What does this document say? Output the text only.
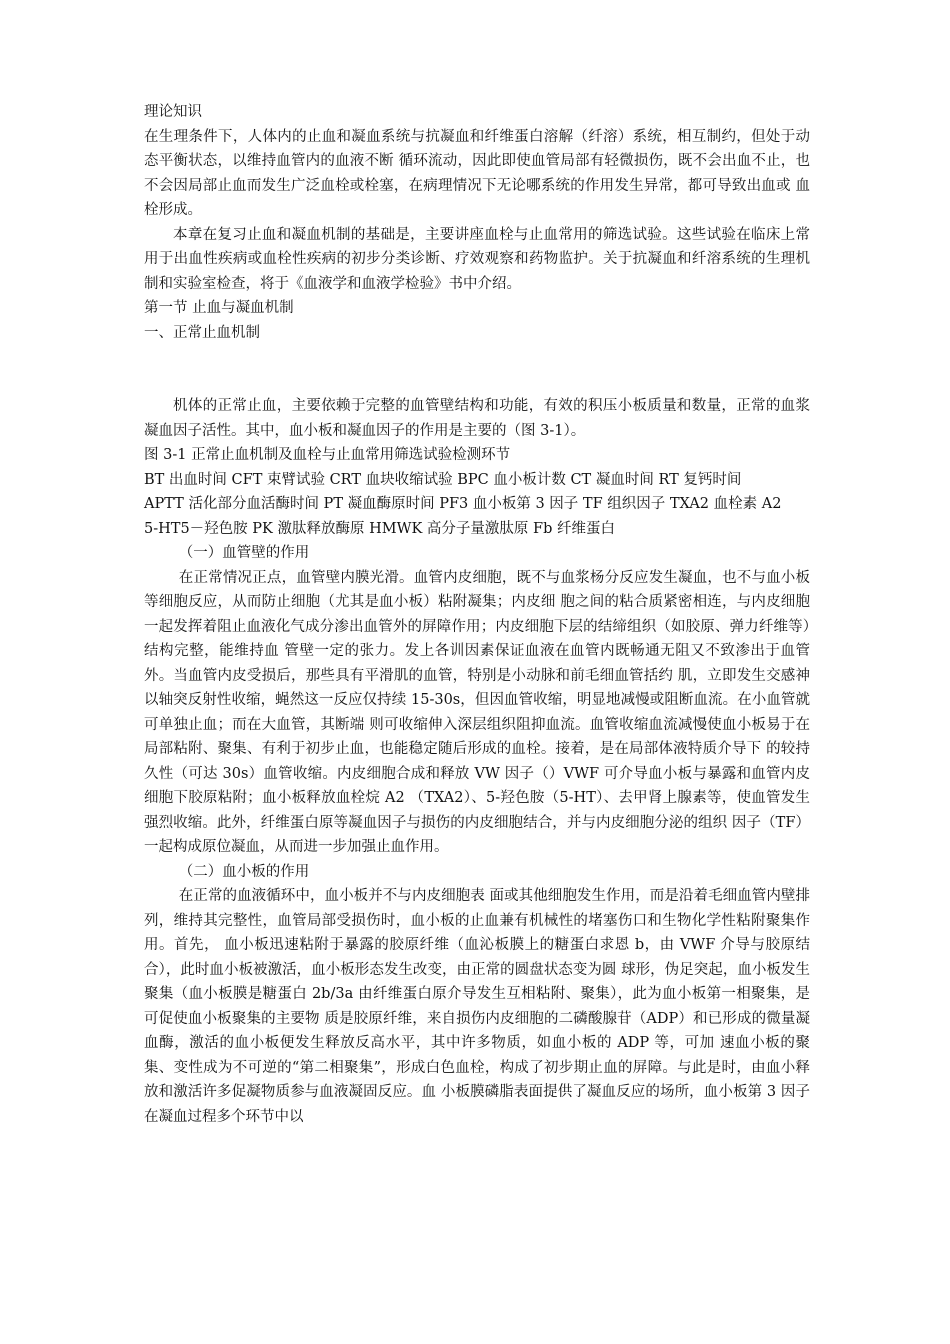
理论知识

在生理条件下，人体内的止血和凝血系统与抗凝血和纤维蛋白溶解（纤溶）系统，相互制约，但处于动态平衡状态，以维持血管内的血液不断 循环流动，因此即使血管局部有轻微损伤，既不会出血不止，也不会因局部止血而发生广泛血栓或栓塞，在病理情况下无论哪系统的作用发生异常，都可导致出血或 血栓形成。

本章在复习止血和凝血机制的基础是，主要讲座血栓与止血常用的筛选试验。这些试验在临床上常用于出血性疾病或血栓性疾病的初步分类诊断、疗效观察和药物监护。关于抗凝血和纤溶系统的生理机制和实验室检查，将于《血液学和血液学检验》书中介绍。

第一节 止血与凝血机制

一、正常止血机制

机体的正常止血，主要依赖于完整的血管壁结构和功能，有效的积压小板质量和数量，正常的血浆凝血因子活性。其中，血小板和凝血因子的作用是主要的（图 3-1）。

图 3-1 正常止血机制及血栓与止血常用筛选试验检测环节

BT 出血时间 CFT 束臂试验 CRT 血块收缩试验 BPC 血小板计数 CT 凝血时间 RT 复钙时间

APTT 活化部分血活酶时间 PT 凝血酶原时间 PF3 血小板第 3 因子 TF 组织因子 TXA2 血栓素 A2

5-HT5－羟色胺 PK 激肽释放酶原 HMWK 高分子量激肽原 Fb 纤维蛋白

（一）血管壁的作用

在正常情况正点，血管壁内膜光滑。血管内皮细胞，既不与血浆杨分反应发生凝血，也不与血小板等细胞反应，从而防止细胞（尤其是血小板）粘附凝集；内皮细 胞之间的粘合质紧密相连，与内皮细胞一起发挥着阻止血液化气成分渗出血管外的屏障作用；内皮细胞下层的结缔组织（如胶原、弹力纤维等）结构完整，能维持血 管壁一定的张力。发上各训因素保证血液在血管内既畅通无阻又不致渗出于血管外。当血管内皮受损后，那些具有平滑肌的血管，特别是小动脉和前毛细血管括约 肌，立即发生交感神以轴突反射性收缩，蝇然这一反应仅持续 15-30s，但因血管收缩，明显地减慢或阻断血流。在小血管就可单独止血；而在大血管，其断端 则可收缩伸入深层组织阻抑血流。血管收缩血流减慢使血小板易于在局部粘附、聚集、有利于初步止血，也能稳定随后形成的血栓。接着，是在局部体液特质介导下 的较持久性（可达 30s）血管收缩。内皮细胞合成和释放 VW 因子（）VWF 可介导血小板与暴露和血管内皮细胞下胶原粘附；血小板释放血栓烷 A2 （TXA2）、5-羟色胺（5-HT）、去甲肾上腺素等，使血管发生强烈收缩。此外，纤维蛋白原等凝血因子与损伤的内皮细胞结合，并与内皮细胞分泌的组织 因子（TF）一起构成原位凝血，从而进一步加强止血作用。

（二）血小板的作用

在正常的血液循环中，血小板并不与内皮细胞表 面或其他细胞发生作用，而是沿着毛细血管内壁排列，维持其完整性，血管局部受损伤时，血小板的止血兼有机械性的堵塞伤口和生物化学性粘附聚集作用。首先， 血小板迅速粘附于暴露的胶原纤维（血沁板膜上的糖蛋白求恩 b，由 VWF 介导与胶原结合），此时血小板被激活，血小板形态发生改变，由正常的圆盘状态变为圆 球形，伪足突起，血小板发生聚集（血小板膜是糖蛋白 2b/3a 由纤维蛋白原介导发生互相粘附、聚集），此为血小板第一相聚集，是可促使血小板聚集的主要物 质是胶原纤维，来自损伤内皮细胞的二磷酸腺苷（ADP）和已形成的微量凝血酶，激活的血小板便发生释放反高水平，其中许多物质，如血小板的 ADP 等，可加 速血小板的聚集、变性成为不可逆的“第二相聚集”，形成白色血栓，构成了初步期止血的屏障。与此是时，由血小释放和激活许多促凝物质参与血液凝固反应。血 小板膜磷脂表面提供了凝血反应的场所，血小板第 3 因子在凝血过程多个环节中以
